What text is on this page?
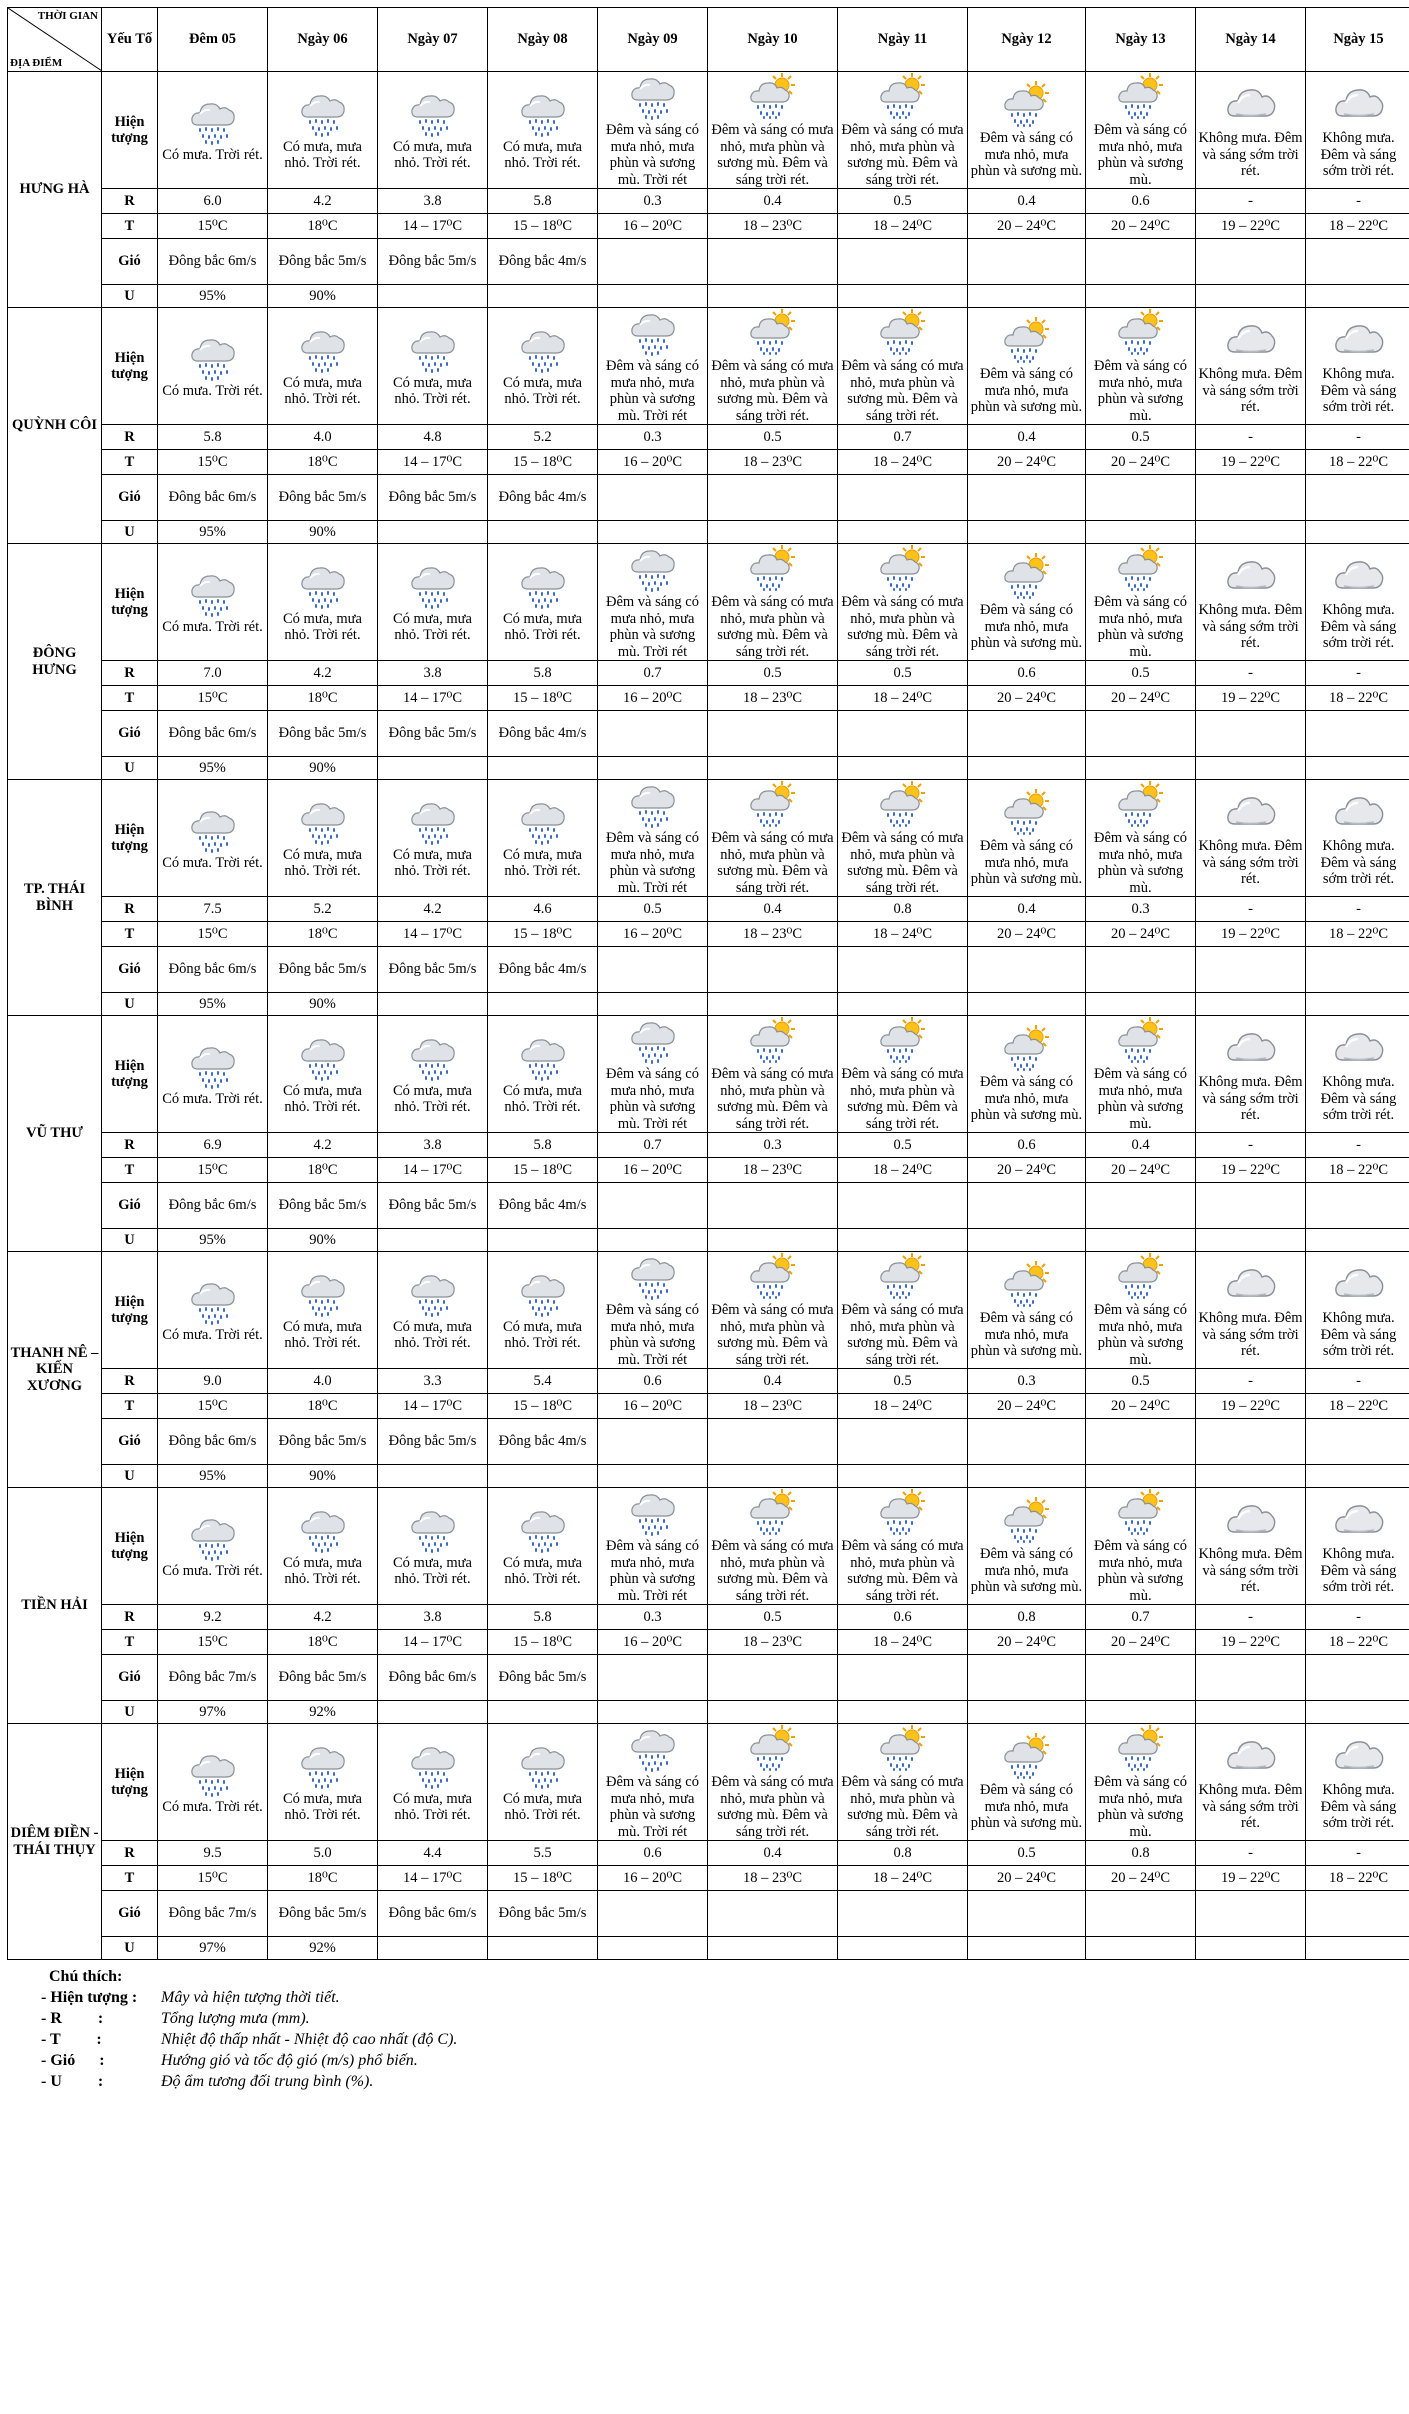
THỜI GIAN
ĐỊA ĐIỂM	Yếu Tố	Đêm 05	Ngày 06	Ngày 07	Ngày 08	Ngày 09	Ngày 10	Ngày 11	Ngày 12	Ngày 13	Ngày 14	Ngày 15
HƯNG HÀ	Hiện tượng	Có mưa. Trời rét.	Có mưa, mưa nhỏ. Trời rét.	Có mưa, mưa nhỏ. Trời rét.	Có mưa, mưa nhỏ. Trời rét.	Đêm và sáng có mưa nhỏ, mưa phùn và sương mù. Trời rét	Đêm và sáng có mưa nhỏ, mưa phùn và sương mù. Đêm và sáng trời rét.	Đêm và sáng có mưa nhỏ, mưa phùn và sương mù. Đêm và sáng trời rét.	Đêm và sáng có mưa nhỏ, mưa phùn và sương mù.	Đêm và sáng có mưa nhỏ, mưa phùn và sương mù.	Không mưa. Đêm và sáng sớm trời rét.	Không mưa. Đêm và sáng sớm trời rét.

	R	6.0	4.2	3.8	5.8	0.3	0.4	0.5	0.4	0.6	-	-
	T	15⁰C	18⁰C	14 – 17⁰C	15 – 18⁰C	16 – 20⁰C	18 – 23⁰C	18 – 24⁰C	20 – 24⁰C	20 – 24⁰C	19 – 22⁰C	18 – 22⁰C
	Gió	Đông bắc 6m/s	Đông bắc 5m/s	Đông bắc 5m/s	Đông bắc 4m/s							
	U	95%	90%									
QUỲNH CÔI	Hiện tượng	Có mưa. Trời rét.	Có mưa, mưa nhỏ. Trời rét.	Có mưa, mưa nhỏ. Trời rét.	Có mưa, mưa nhỏ. Trời rét.	Đêm và sáng có mưa nhỏ, mưa phùn và sương mù. Trời rét	Đêm và sáng có mưa nhỏ, mưa phùn và sương mù. Đêm và sáng trời rét.	Đêm và sáng có mưa nhỏ, mưa phùn và sương mù. Đêm và sáng trời rét.	Đêm và sáng có mưa nhỏ, mưa phùn và sương mù.	Đêm và sáng có mưa nhỏ, mưa phùn và sương mù.	Không mưa. Đêm và sáng sớm trời rét.	Không mưa. Đêm và sáng sớm trời rét.

	R	5.8	4.0	4.8	5.2	0.3	0.5	0.7	0.4	0.5	-	-
	T	15⁰C	18⁰C	14 – 17⁰C	15 – 18⁰C	16 – 20⁰C	18 – 23⁰C	18 – 24⁰C	20 – 24⁰C	20 – 24⁰C	19 – 22⁰C	18 – 22⁰C
	Gió	Đông bắc 6m/s	Đông bắc 5m/s	Đông bắc 5m/s	Đông bắc 4m/s							
	U	95%	90%									
ĐÔNG HƯNG	Hiện tượng	Có mưa. Trời rét.	Có mưa, mưa nhỏ. Trời rét.	Có mưa, mưa nhỏ. Trời rét.	Có mưa, mưa nhỏ. Trời rét.	Đêm và sáng có mưa nhỏ, mưa phùn và sương mù. Trời rét	Đêm và sáng có mưa nhỏ, mưa phùn và sương mù. Đêm và sáng trời rét.	Đêm và sáng có mưa nhỏ, mưa phùn và sương mù. Đêm và sáng trời rét.	Đêm và sáng có mưa nhỏ, mưa phùn và sương mù.	Đêm và sáng có mưa nhỏ, mưa phùn và sương mù.	Không mưa. Đêm và sáng sớm trời rét.	Không mưa. Đêm và sáng sớm trời rét.

	R	7.0	4.2	3.8	5.8	0.7	0.5	0.5	0.6	0.5	-	-
	T	15⁰C	18⁰C	14 – 17⁰C	15 – 18⁰C	16 – 20⁰C	18 – 23⁰C	18 – 24⁰C	20 – 24⁰C	20 – 24⁰C	19 – 22⁰C	18 – 22⁰C
	Gió	Đông bắc 6m/s	Đông bắc 5m/s	Đông bắc 5m/s	Đông bắc 4m/s							
	U	95%	90%									
TP. THÁI BÌNH	Hiện tượng	Có mưa. Trời rét.	Có mưa, mưa nhỏ. Trời rét.	Có mưa, mưa nhỏ. Trời rét.	Có mưa, mưa nhỏ. Trời rét.	Đêm và sáng có mưa nhỏ, mưa phùn và sương mù. Trời rét	Đêm và sáng có mưa nhỏ, mưa phùn và sương mù. Đêm và sáng trời rét.	Đêm và sáng có mưa nhỏ, mưa phùn và sương mù. Đêm và sáng trời rét.	Đêm và sáng có mưa nhỏ, mưa phùn và sương mù.	Đêm và sáng có mưa nhỏ, mưa phùn và sương mù.	Không mưa. Đêm và sáng sớm trời rét.	Không mưa. Đêm và sáng sớm trời rét.

	R	7.5	5.2	4.2	4.6	0.5	0.4	0.8	0.4	0.3	-	-
	T	15⁰C	18⁰C	14 – 17⁰C	15 – 18⁰C	16 – 20⁰C	18 – 23⁰C	18 – 24⁰C	20 – 24⁰C	20 – 24⁰C	19 – 22⁰C	18 – 22⁰C
	Gió	Đông bắc 6m/s	Đông bắc 5m/s	Đông bắc 5m/s	Đông bắc 4m/s							
	U	95%	90%									
VŨ THƯ	Hiện tượng	Có mưa. Trời rét.	Có mưa, mưa nhỏ. Trời rét.	Có mưa, mưa nhỏ. Trời rét.	Có mưa, mưa nhỏ. Trời rét.	Đêm và sáng có mưa nhỏ, mưa phùn và sương mù. Trời rét	Đêm và sáng có mưa nhỏ, mưa phùn và sương mù. Đêm và sáng trời rét.	Đêm và sáng có mưa nhỏ, mưa phùn và sương mù. Đêm và sáng trời rét.	Đêm và sáng có mưa nhỏ, mưa phùn và sương mù.	Đêm và sáng có mưa nhỏ, mưa phùn và sương mù.	Không mưa. Đêm và sáng sớm trời rét.	Không mưa. Đêm và sáng sớm trời rét.

	R	6.9	4.2	3.8	5.8	0.7	0.3	0.5	0.6	0.4	-	-
	T	15⁰C	18⁰C	14 – 17⁰C	15 – 18⁰C	16 – 20⁰C	18 – 23⁰C	18 – 24⁰C	20 – 24⁰C	20 – 24⁰C	19 – 22⁰C	18 – 22⁰C
	Gió	Đông bắc 6m/s	Đông bắc 5m/s	Đông bắc 5m/s	Đông bắc 4m/s							
	U	95%	90%									
THANH NÊ – KIẾN XƯƠNG	Hiện tượng	Có mưa. Trời rét.	Có mưa, mưa nhỏ. Trời rét.	Có mưa, mưa nhỏ. Trời rét.	Có mưa, mưa nhỏ. Trời rét.	Đêm và sáng có mưa nhỏ, mưa phùn và sương mù. Trời rét	Đêm và sáng có mưa nhỏ, mưa phùn và sương mù. Đêm và sáng trời rét.	Đêm và sáng có mưa nhỏ, mưa phùn và sương mù. Đêm và sáng trời rét.	Đêm và sáng có mưa nhỏ, mưa phùn và sương mù.	Đêm và sáng có mưa nhỏ, mưa phùn và sương mù.	Không mưa. Đêm và sáng sớm trời rét.	Không mưa. Đêm và sáng sớm trời rét.

	R	9.0	4.0	3.3	5.4	0.6	0.4	0.5	0.3	0.5	-	-
	T	15⁰C	18⁰C	14 – 17⁰C	15 – 18⁰C	16 – 20⁰C	18 – 23⁰C	18 – 24⁰C	20 – 24⁰C	20 – 24⁰C	19 – 22⁰C	18 – 22⁰C
	Gió	Đông bắc 6m/s	Đông bắc 5m/s	Đông bắc 5m/s	Đông bắc 4m/s							
	U	95%	90%									
TIỀN HẢI	Hiện tượng	Có mưa. Trời rét.	Có mưa, mưa nhỏ. Trời rét.	Có mưa, mưa nhỏ. Trời rét.	Có mưa, mưa nhỏ. Trời rét.	Đêm và sáng có mưa nhỏ, mưa phùn và sương mù. Trời rét	Đêm và sáng có mưa nhỏ, mưa phùn và sương mù. Đêm và sáng trời rét.	Đêm và sáng có mưa nhỏ, mưa phùn và sương mù. Đêm và sáng trời rét.	Đêm và sáng có mưa nhỏ, mưa phùn và sương mù.	Đêm và sáng có mưa nhỏ, mưa phùn và sương mù.	Không mưa. Đêm và sáng sớm trời rét.	Không mưa. Đêm và sáng sớm trời rét.

	R	9.2	4.2	3.8	5.8	0.3	0.5	0.6	0.8	0.7	-	-
	T	15⁰C	18⁰C	14 – 17⁰C	15 – 18⁰C	16 – 20⁰C	18 – 23⁰C	18 – 24⁰C	20 – 24⁰C	20 – 24⁰C	19 – 22⁰C	18 – 22⁰C
	Gió	Đông bắc 7m/s	Đông bắc 5m/s	Đông bắc 6m/s	Đông bắc 5m/s							
	U	97%	92%									
DIÊM ĐIỀN - THÁI THỤY	Hiện tượng	Có mưa. Trời rét.	Có mưa, mưa nhỏ. Trời rét.	Có mưa, mưa nhỏ. Trời rét.	Có mưa, mưa nhỏ. Trời rét.	Đêm và sáng có mưa nhỏ, mưa phùn và sương mù. Trời rét	Đêm và sáng có mưa nhỏ, mưa phùn và sương mù. Đêm và sáng trời rét.	Đêm và sáng có mưa nhỏ, mưa phùn và sương mù. Đêm và sáng trời rét.	Đêm và sáng có mưa nhỏ, mưa phùn và sương mù.	Đêm và sáng có mưa nhỏ, mưa phùn và sương mù.	Không mưa. Đêm và sáng sớm trời rét.	Không mưa. Đêm và sáng sớm trời rét.

	R	9.5	5.0	4.4	5.5	0.6	0.4	0.8	0.5	0.8	-	-
	T	15⁰C	18⁰C	14 – 17⁰C	15 – 18⁰C	16 – 20⁰C	18 – 23⁰C	18 – 24⁰C	20 – 24⁰C	20 – 24⁰C	19 – 22⁰C	18 – 22⁰C
	Gió	Đông bắc 7m/s	Đông bắc 5m/s	Đông bắc 6m/s	Đông bắc 5m/s							
	U	97%	92%									
Chú thích:
- Hiện tượng :	Mây và hiện tượng thời tiết.
- R         :	Tổng lượng mưa (mm).
- T         :	Nhiệt độ thấp nhất - Nhiệt độ cao nhất (độ C).
- Gió      :	Hướng gió và tốc độ gió (m/s) phổ biến.
- U         :	Độ ẩm tương đối trung bình (%).
